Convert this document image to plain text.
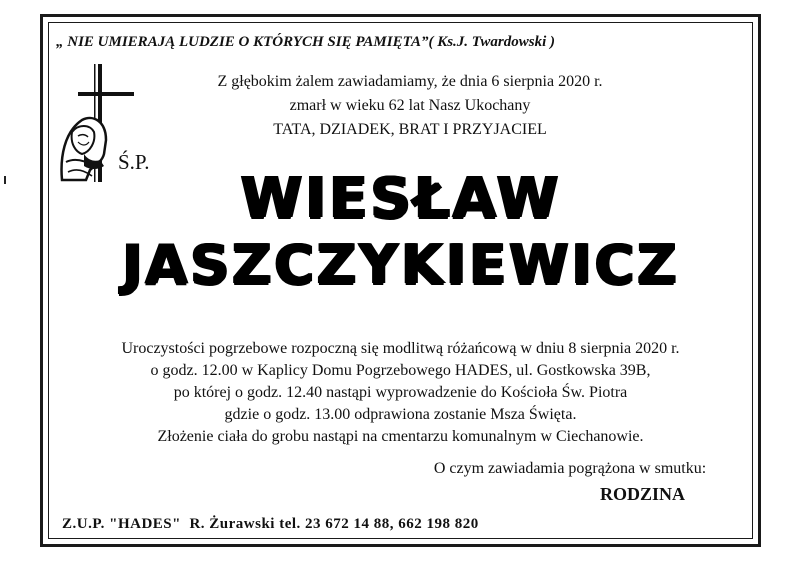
„ NIE UMIERAJĄ LUDZIE O KTÓRYCH SIĘ PAMIĘTA”( Ks.J. Twardowski )
Ś.P.
Z głębokim żalem zawiadamiamy, że dnia 6 sierpnia 2020 r.
zmarł w wieku 62 lat Nasz Ukochany
TATA, DZIADEK, BRAT I PRZYJACIEL
WIESŁAW
JASZCZYKIEWICZ
Uroczystości pogrzebowe rozpoczną się modlitwą różańcową w dniu 8 sierpnia 2020 r.
o godz. 12.00 w Kaplicy Domu Pogrzebowego HADES, ul. Gostkowska 39B,
po której o godz. 12.40 nastąpi wyprowadzenie do Kościoła Św. Piotra
gdzie o godz. 13.00 odprawiona zostanie Msza Święta.
Złożenie ciała do grobu nastąpi na cmentarzu komunalnym w Ciechanowie.
O czym zawiadamia pogrążona w smutku:
RODZINA
Z.U.P. "HADES"  R. Żurawski tel. 23 672 14 88, 662 198 820
